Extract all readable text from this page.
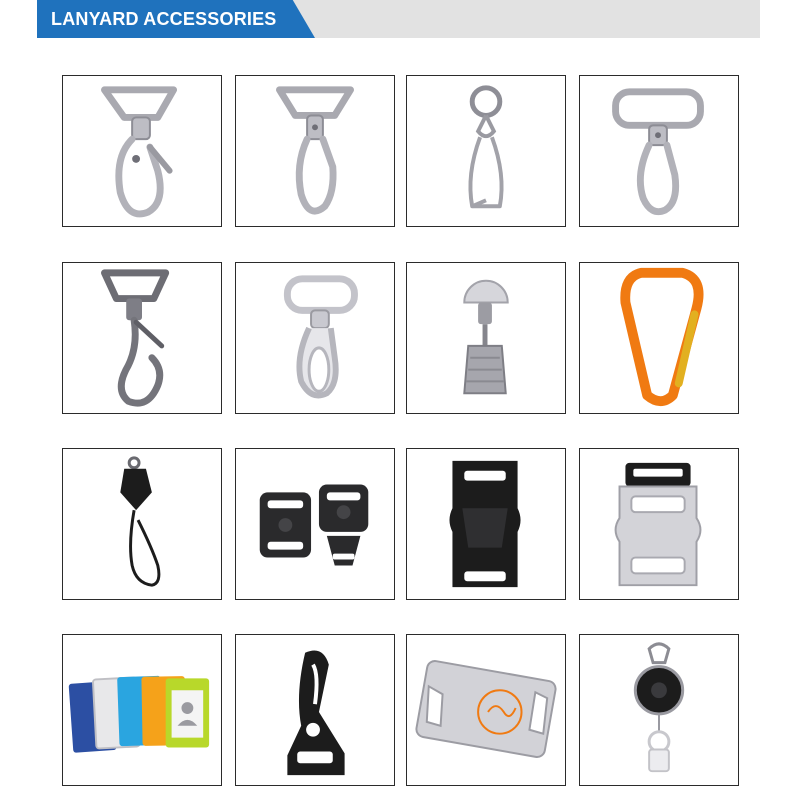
LANYARD ACCESSORIES
